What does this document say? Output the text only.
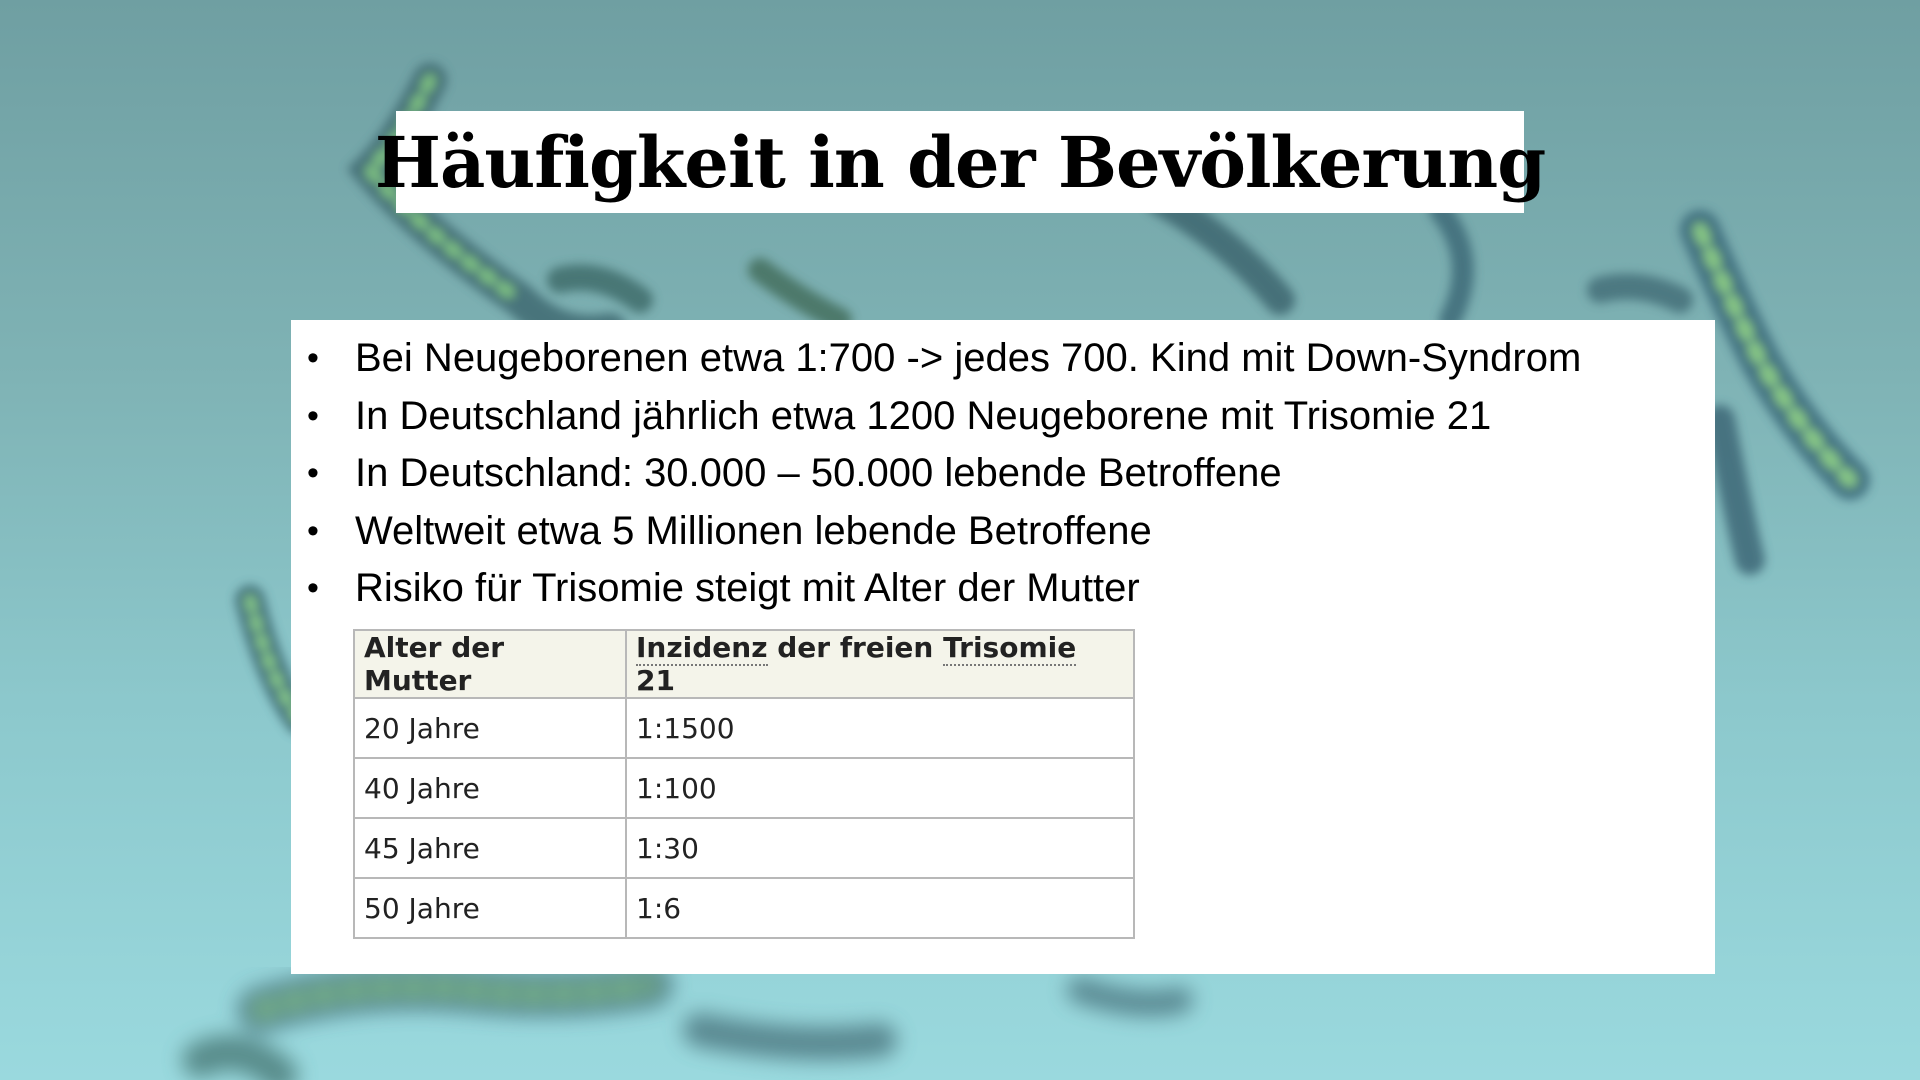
Häufigkeit in der Bevölkerung
• Bei Neugeborenen etwa 1:700 -> jedes 700. Kind mit Down-Syndrom
• In Deutschland jährlich etwa 1200 Neugeborene mit Trisomie 21
• In Deutschland: 30.000 – 50.000 lebende Betroffene
• Weltweit etwa 5 Millionen lebende Betroffene
• Risiko für Trisomie steigt mit Alter der Mutter
Alter der Mutter	Inzidenz der freien Trisomie 21
20 Jahre	1:1500
40 Jahre	1:100
45 Jahre	1:30
50 Jahre	1:6
